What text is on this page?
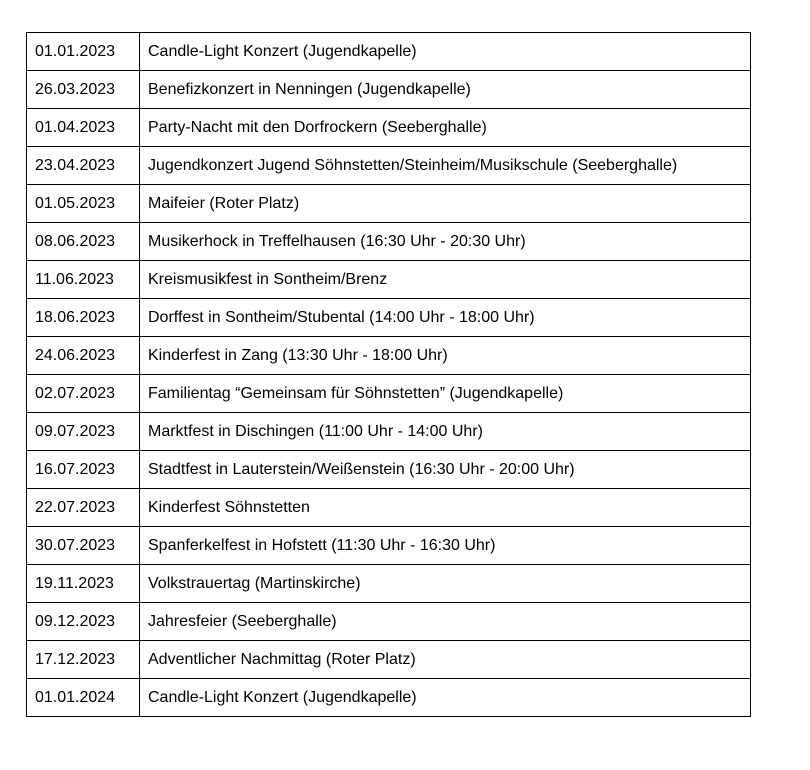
01.01.2023	Candle-Light Konzert (Jugendkapelle)
26.03.2023	Benefizkonzert in Nenningen (Jugendkapelle)
01.04.2023	Party-Nacht mit den Dorfrockern (Seeberghalle)
23.04.2023	Jugendkonzert Jugend Söhnstetten/Steinheim/Musikschule (Seeberghalle)
01.05.2023	Maifeier (Roter Platz)
08.06.2023	Musikerhock in Treffelhausen (16:30 Uhr - 20:30 Uhr)
11.06.2023	Kreismusikfest in Sontheim/Brenz
18.06.2023	Dorffest in Sontheim/Stubental (14:00 Uhr - 18:00 Uhr)
24.06.2023	Kinderfest in Zang (13:30 Uhr - 18:00 Uhr)
02.07.2023	Familientag “Gemeinsam für Söhnstetten” (Jugendkapelle)
09.07.2023	Marktfest in Dischingen (11:00 Uhr - 14:00 Uhr)
16.07.2023	Stadtfest in Lauterstein/Weißenstein (16:30 Uhr - 20:00 Uhr)
22.07.2023	Kinderfest Söhnstetten
30.07.2023	Spanferkelfest in Hofstett (11:30 Uhr - 16:30 Uhr)
19.11.2023	Volkstrauertag (Martinskirche)
09.12.2023	Jahresfeier (Seeberghalle)
17.12.2023	Adventlicher Nachmittag (Roter Platz)
01.01.2024	Candle-Light Konzert (Jugendkapelle)
